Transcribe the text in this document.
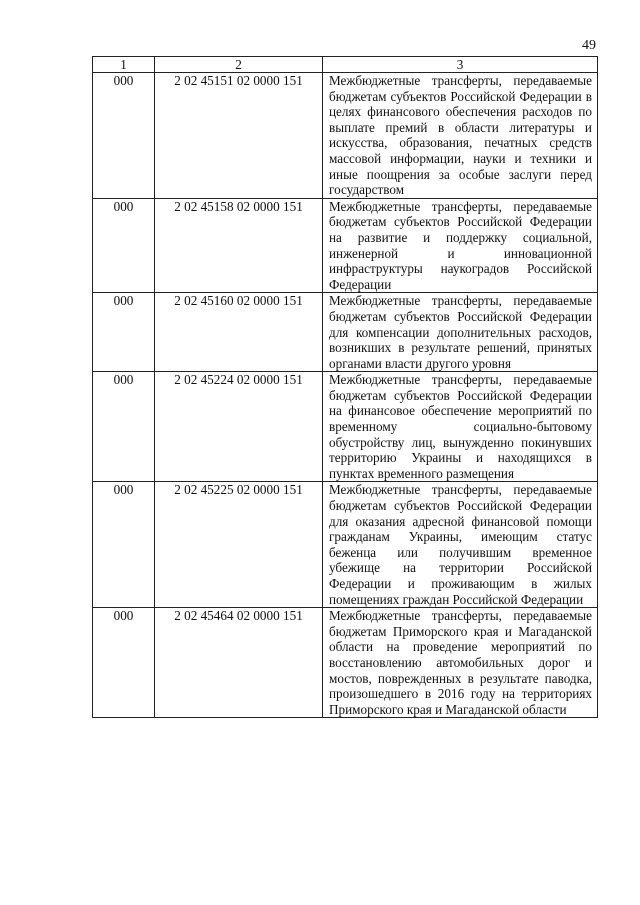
49
1	2	3
000	2 02 45151 02 0000 151	Межбюджетные трансферты, передаваемые бюджетам субъектов Российской Федерации в целях финансового обеспечения расходов по выплате премий в области литературы и искусства, образования, печатных средств массовой информации, науки и техники и иные поощрения за особые заслуги перед государством
000	2 02 45158 02 0000 151	Межбюджетные трансферты, передаваемые бюджетам субъектов Российской Федерации на развитие и поддержку социальной, инженерной и инновационной инфраструктуры наукоградов Российской Федерации
000	2 02 45160 02 0000 151	Межбюджетные трансферты, передаваемые бюджетам субъектов Российской Федерации для компенсации дополнительных расходов, возникших в результате решений, принятых органами власти другого уровня
000	2 02 45224 02 0000 151	Межбюджетные трансферты, передаваемые бюджетам субъектов Российской Федерации на финансовое обеспечение мероприятий по временному социально-бытовому обустройству лиц, вынужденно покинувших территорию Украины и находящихся в пунктах временного размещения
000	2 02 45225 02 0000 151	Межбюджетные трансферты, передаваемые бюджетам субъектов Российской Федерации для оказания адресной финансовой помощи гражданам Украины, имеющим статус беженца или получившим временное убежище на территории Российской Федерации и проживающим в жилых помещениях граждан Российской Федерации
000	2 02 45464 02 0000 151	Межбюджетные трансферты, передаваемые бюджетам Приморского края и Магаданской области на проведение мероприятий по восстановлению автомобильных дорог и мостов, поврежденных в результате паводка, произошедшего в 2016 году на территориях Приморского края и Магаданской области
